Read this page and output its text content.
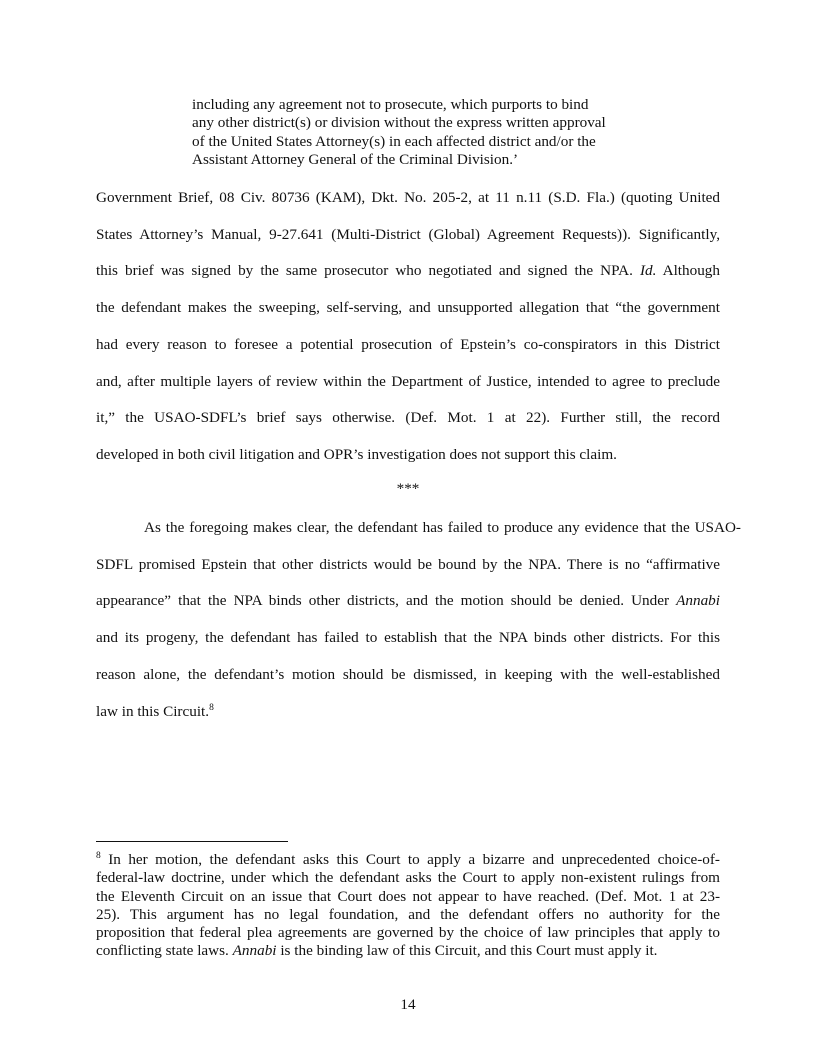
including any agreement not to prosecute, which purports to bind
any other district(s) or division without the express written approval
of the United States Attorney(s) in each affected district and/or the
Assistant Attorney General of the Criminal Division.’
Government Brief, 08 Civ. 80736 (KAM), Dkt. No. 205-2, at 11 n.11 (S.D. Fla.) (quoting United
States Attorney’s Manual, 9-27.641 (Multi-District (Global) Agreement Requests)). Significantly,
this brief was signed by the same prosecutor who negotiated and signed the NPA. Id. Although
the defendant makes the sweeping, self-serving, and unsupported allegation that “the government
had every reason to foresee a potential prosecution of Epstein’s co-conspirators in this District
and, after multiple layers of review within the Department of Justice, intended to agree to preclude
it,” the USAO-SDFL’s brief says otherwise. (Def. Mot. 1 at 22). Further still, the record
developed in both civil litigation and OPR’s investigation does not support this claim.
***
As the foregoing makes clear, the defendant has failed to produce any evidence that the USAO-
SDFL promised Epstein that other districts would be bound by the NPA. There is no “affirmative
appearance” that the NPA binds other districts, and the motion should be denied. Under Annabi
and its progeny, the defendant has failed to establish that the NPA binds other districts. For this
reason alone, the defendant’s motion should be dismissed, in keeping with the well-established
law in this Circuit.$^8$
$^8$ In her motion, the defendant asks this Court to apply a bizarre and unprecedented choice-of-
federal-law doctrine, under which the defendant asks the Court to apply non-existent rulings from
the Eleventh Circuit on an issue that Court does not appear to have reached. (Def. Mot. 1 at 23-
25). This argument has no legal foundation, and the defendant offers no authority for the
proposition that federal plea agreements are governed by the choice of law principles that apply to
conflicting state laws. Annabi is the binding law of this Circuit, and this Court must apply it.
14
